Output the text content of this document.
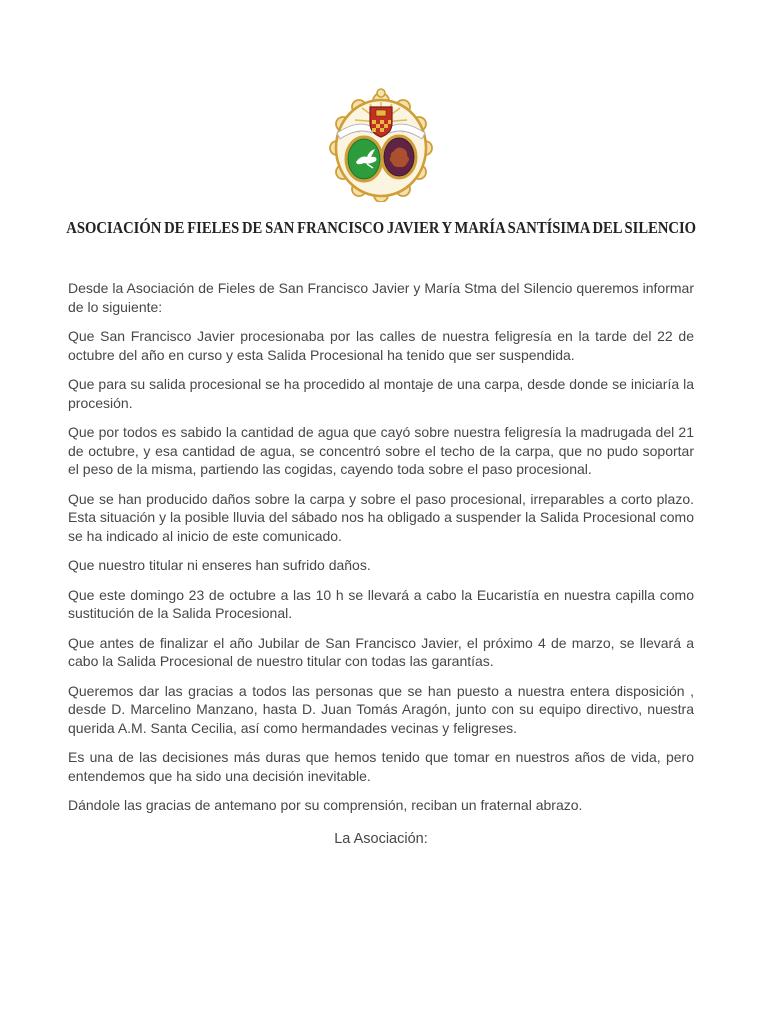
ASOCIACIÓN DE FIELES DE SAN FRANCISCO JAVIER Y MARÍA SANTÍSIMA DEL SILENCIO

Desde la Asociación de Fieles de San Francisco Javier y María Stma del Silencio queremos informar de lo siguiente:

Que San Francisco Javier procesionaba por las calles de nuestra feligresía en la tarde del 22 de octubre del año en curso y esta Salida Procesional ha tenido que ser suspendida.

Que para su salida procesional se ha procedido al montaje de una carpa, desde donde se iniciaría la procesión.

Que por todos es sabido la cantidad de agua que cayó sobre nuestra feligresía la madrugada del 21 de octubre, y esa cantidad de agua, se concentró sobre el techo de la carpa, que no pudo soportar el peso de la misma, partiendo las cogidas, cayendo toda sobre el paso procesional.

Que se han producido daños sobre la carpa y sobre el paso procesional, irreparables a corto plazo. Esta situación y la posible lluvia del sábado nos ha obligado a suspender la Salida Procesional como se ha indicado al inicio de este comunicado.

Que nuestro titular ni enseres han sufrido daños.

Que este domingo 23 de octubre a las 10 h se llevará a cabo la Eucaristía en nuestra capilla como sustitución de la Salida Procesional.

Que antes de finalizar el año Jubilar de San Francisco Javier, el próximo 4 de marzo, se llevará a cabo la Salida Procesional de nuestro titular con todas las garantías.

Queremos dar las gracias a todos las personas que se han puesto a nuestra entera disposición , desde D. Marcelino Manzano, hasta D. Juan Tomás Aragón, junto con su equipo directivo, nuestra querida A.M. Santa Cecilia, así como hermandades vecinas y feligreses.

Es una de las decisiones más duras que hemos tenido que tomar en nuestros años de vida, pero entendemos que ha sido una decisión inevitable.

Dándole las gracias de antemano por su comprensión, reciban un fraternal abrazo.

La Asociación:
